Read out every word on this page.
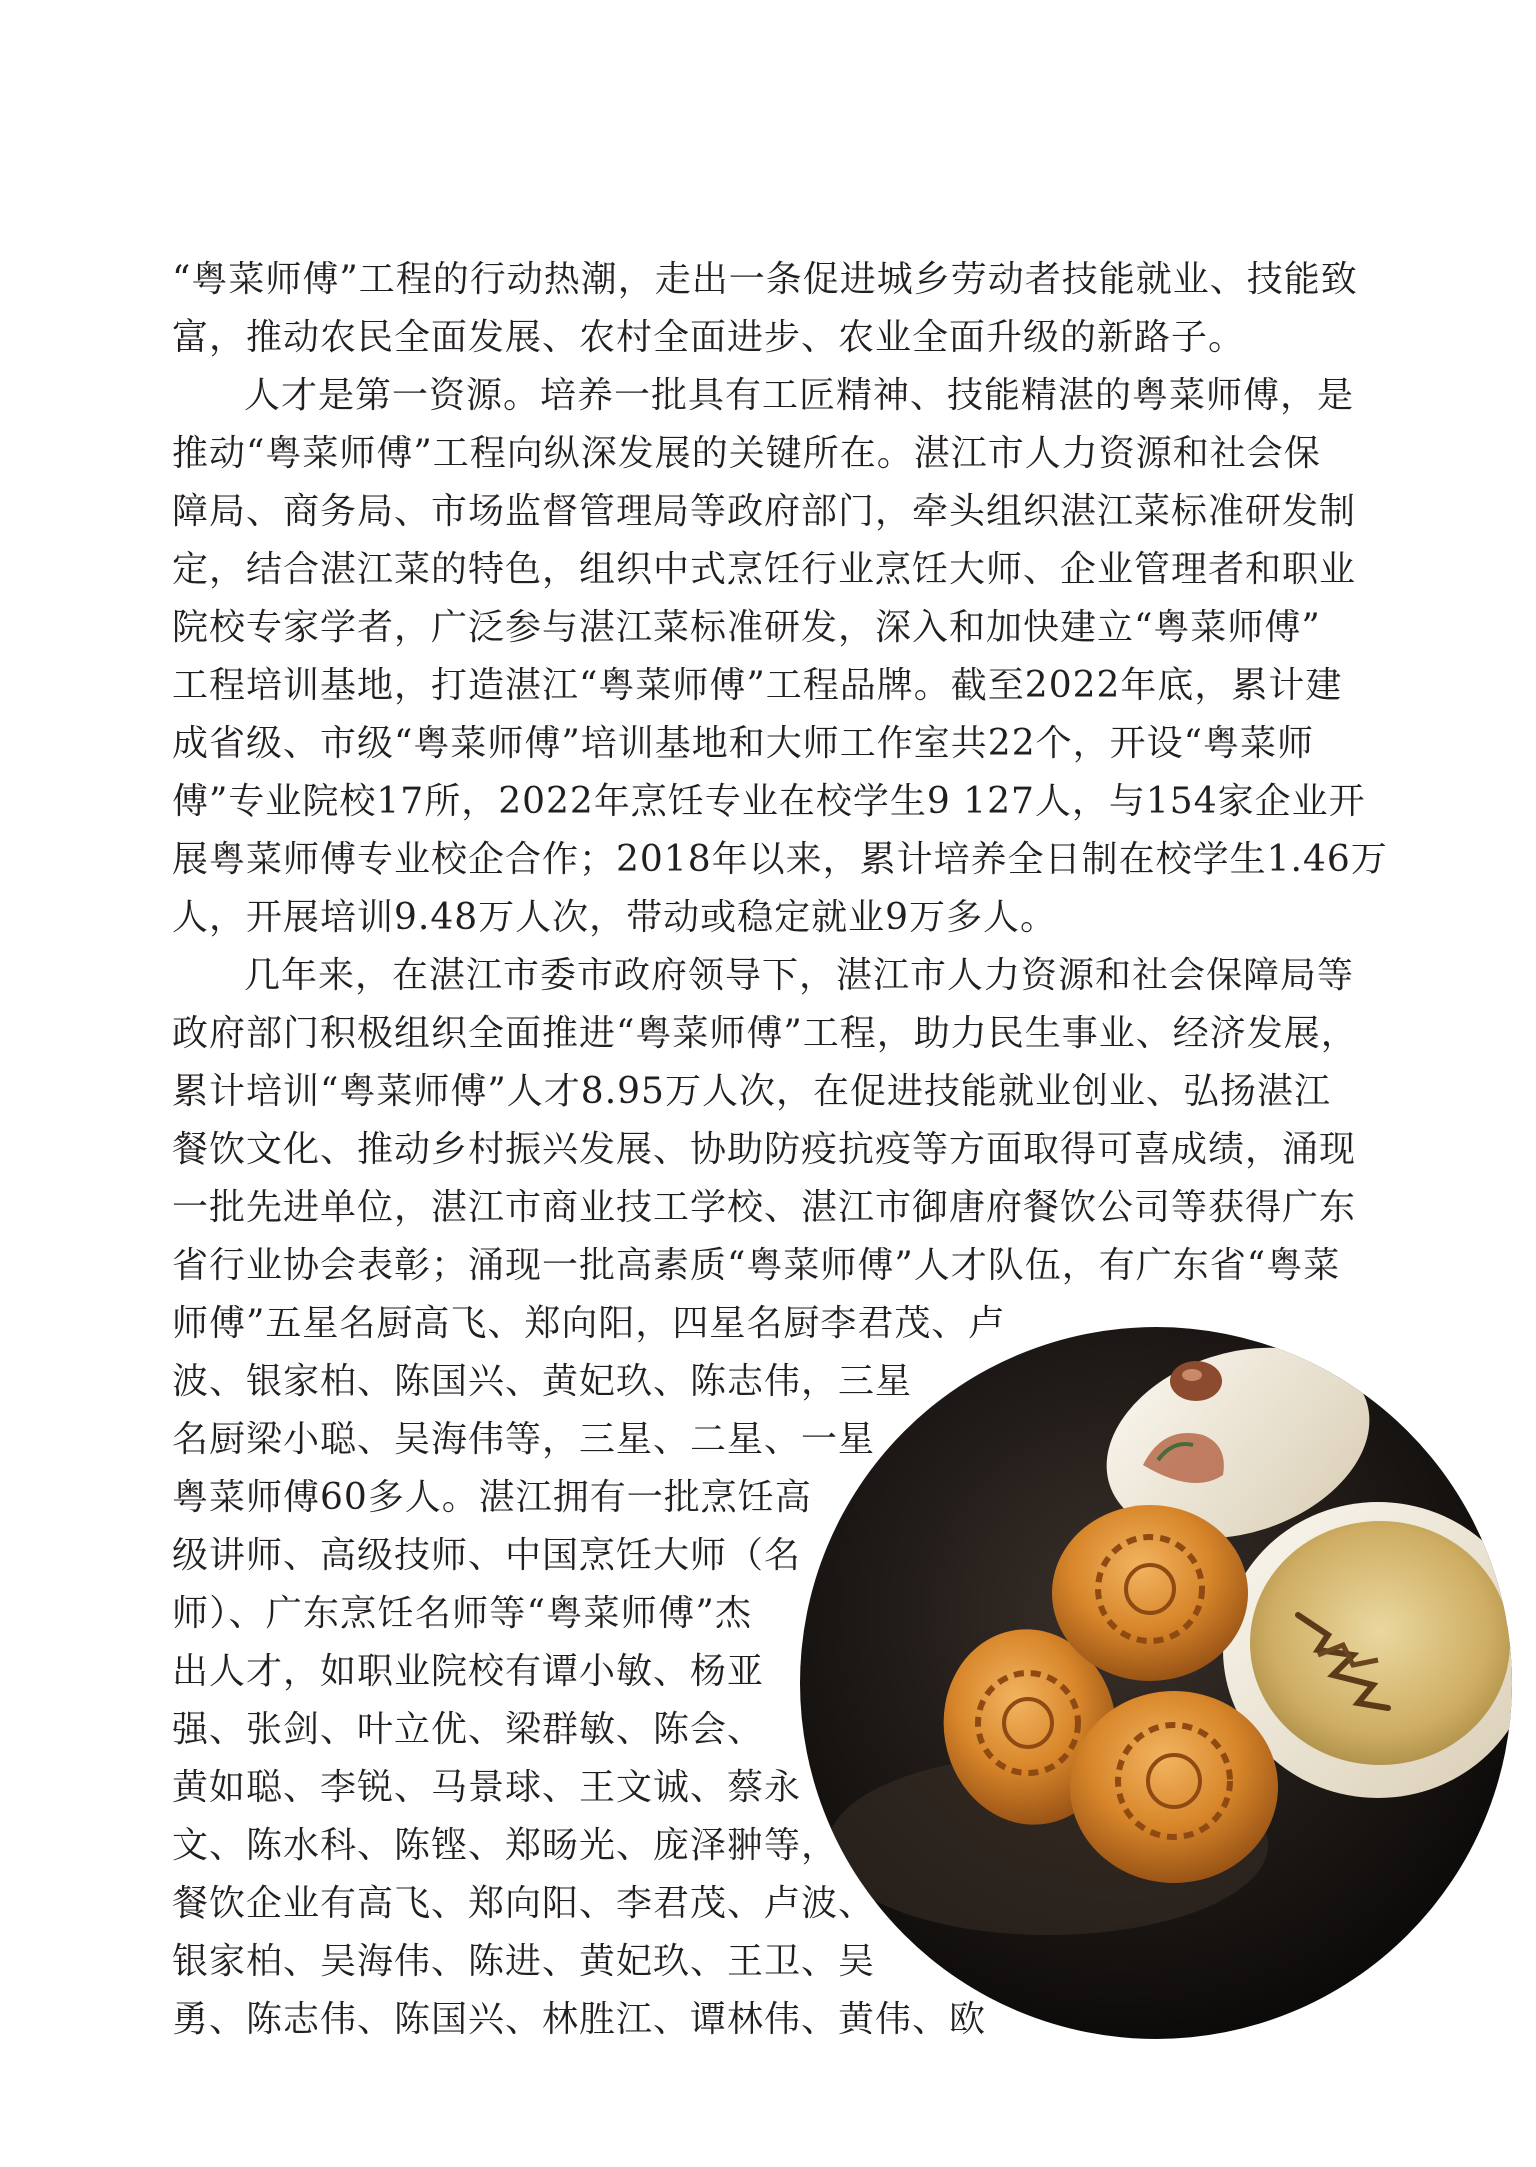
“粤菜师傅”工程的行动热潮，走出一条促进城乡劳动者技能就业、技能致
富，推动农民全面发展、农村全面进步、农业全面升级的新路子。
人才是第一资源。培养一批具有工匠精神、技能精湛的粤菜师傅，是
推动“粤菜师傅”工程向纵深发展的关键所在。湛江市人力资源和社会保
障局、商务局、市场监督管理局等政府部门，牵头组织湛江菜标准研发制
定，结合湛江菜的特色，组织中式烹饪行业烹饪大师、企业管理者和职业
院校专家学者，广泛参与湛江菜标准研发，深入和加快建立“粤菜师傅”
工程培训基地，打造湛江“粤菜师傅”工程品牌。截至2022年底，累计建
成省级、市级“粤菜师傅”培训基地和大师工作室共22个，开设“粤菜师
傅”专业院校17所，2022年烹饪专业在校学生9 127人，与154家企业开
展粤菜师傅专业校企合作；2018年以来，累计培养全日制在校学生1.46万
人，开展培训9.48万人次，带动或稳定就业9万多人。
几年来，在湛江市委市政府领导下，湛江市人力资源和社会保障局等
政府部门积极组织全面推进“粤菜师傅”工程，助力民生事业、经济发展，
累计培训“粤菜师傅”人才8.95万人次，在促进技能就业创业、弘扬湛江
餐饮文化、推动乡村振兴发展、协助防疫抗疫等方面取得可喜成绩，涌现
一批先进单位，湛江市商业技工学校、湛江市御唐府餐饮公司等获得广东
省行业协会表彰；涌现一批高素质“粤菜师傅”人才队伍，有广东省“粤菜
师傅”五星名厨高飞、郑向阳，四星名厨李君茂、卢
波、银家柏、陈国兴、黄妃玖、陈志伟，三星
名厨梁小聪、吴海伟等，三星、二星、一星
粤菜师傅60多人。湛江拥有一批烹饪高
级讲师、高级技师、中国烹饪大师（名
师）、广东烹饪名师等“粤菜师傅”杰
出人才，如职业院校有谭小敏、杨亚
强、张剑、叶立优、梁群敏、陈会、
黄如聪、李锐、马景球、王文诚、蔡永
文、陈水科、陈铿、郑旸光、庞泽翀等，
餐饮企业有高飞、郑向阳、李君茂、卢波、
银家柏、吴海伟、陈进、黄妃玖、王卫、吴
勇、陈志伟、陈国兴、林胜江、谭林伟、黄伟、欧
